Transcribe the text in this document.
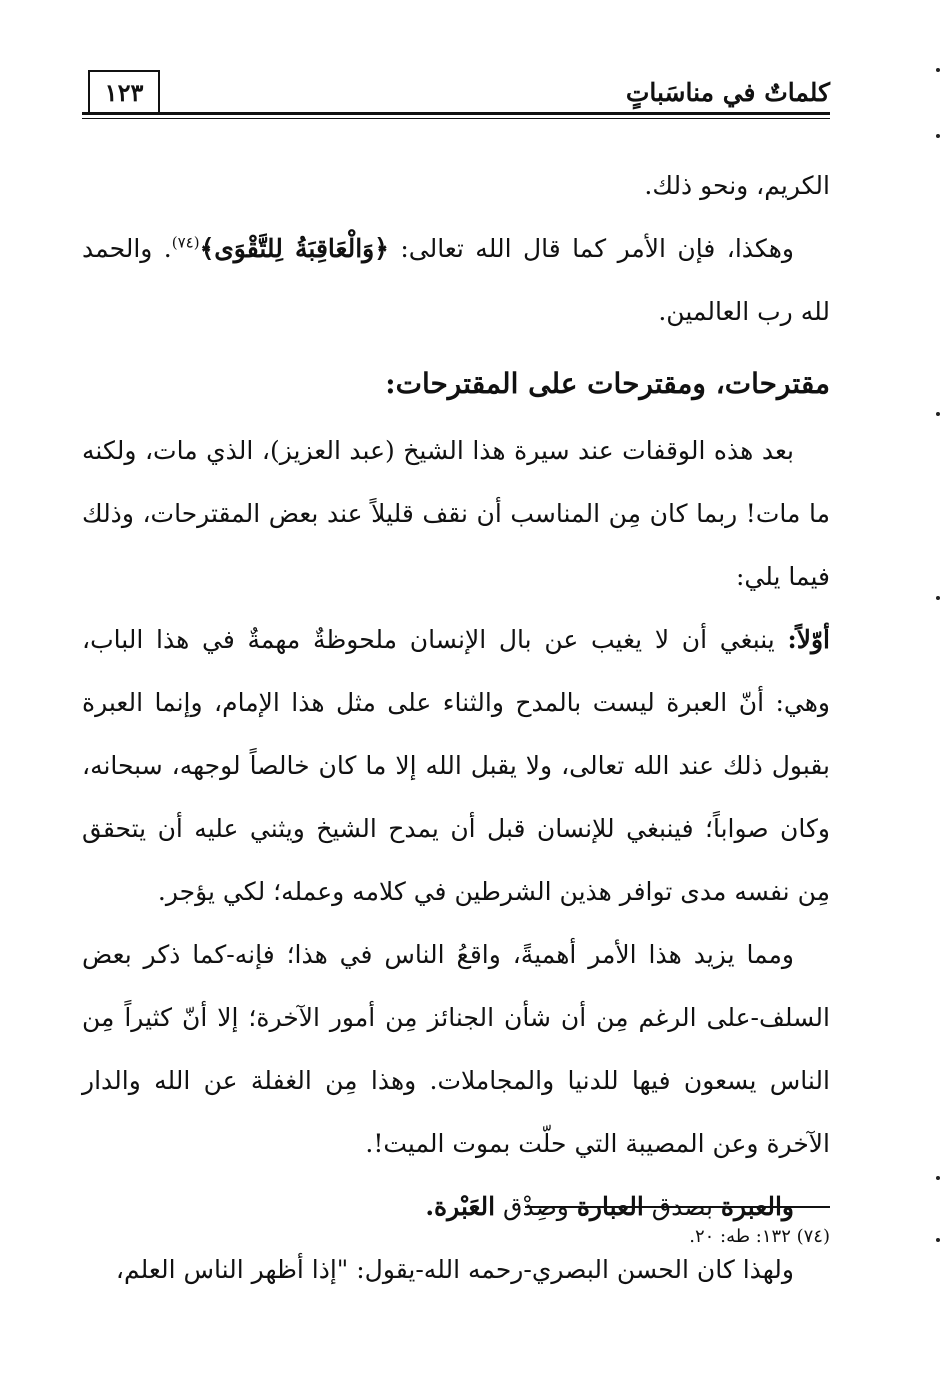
كلماتٌ في مناسَباتٍ
١٢٣

الكريم، ونحو ذلك.

وهكذا، فإن الأمر كما قال الله تعالى: ﴿وَالْعَاقِبَةُ لِلتَّقْوَى﴾$^{(٧٤)}$. والحمد لله رب العالمين.

مقترحات، ومقترحات على المقترحات:

بعد هذه الوقفات عند سيرة هذا الشيخ (عبد العزيز)، الذي مات، ولكنه ما مات! ربما كان مِن المناسب أن نقف قليلاً عند بعض المقترحات، وذلك فيما يلي:

أوّلاً: ينبغي أن لا يغيب عن بال الإنسان ملحوظةٌ مهمةٌ في هذا الباب، وهي: أنّ العبرة ليست بالمدح والثناء على مثل هذا الإمام، وإنما العبرة بقبول ذلك عند الله تعالى، ولا يقبل الله إلا ما كان خالصاً لوجهه، سبحانه، وكان صواباً؛ فينبغي للإنسان قبل أن يمدح الشيخ ويثني عليه أن يتحقق مِن نفسه مدى توافر هذين الشرطين في كلامه وعمله؛ لكي يؤجر.

ومما يزيد هذا الأمر أهميةً، واقعُ الناس في هذا؛ فإنه-كما ذكر بعض السلف-على الرغم مِن أن شأن الجنائز مِن أمور الآخرة؛ إلا أنّ كثيراً مِن الناس يسعون فيها للدنيا والمجاملات. وهذا مِن الغفلة عن الله والدار الآخرة وعن المصيبة التي حلّت بموت الميت!.

والعبرة بصدق العبارة وصِدْق العَبْرة.

ولهذا كان الحسن البصري-رحمه الله-يقول: "إذا أظهر الناس العلم،

(٧٤) ١٣٢: طه: ٢٠.
